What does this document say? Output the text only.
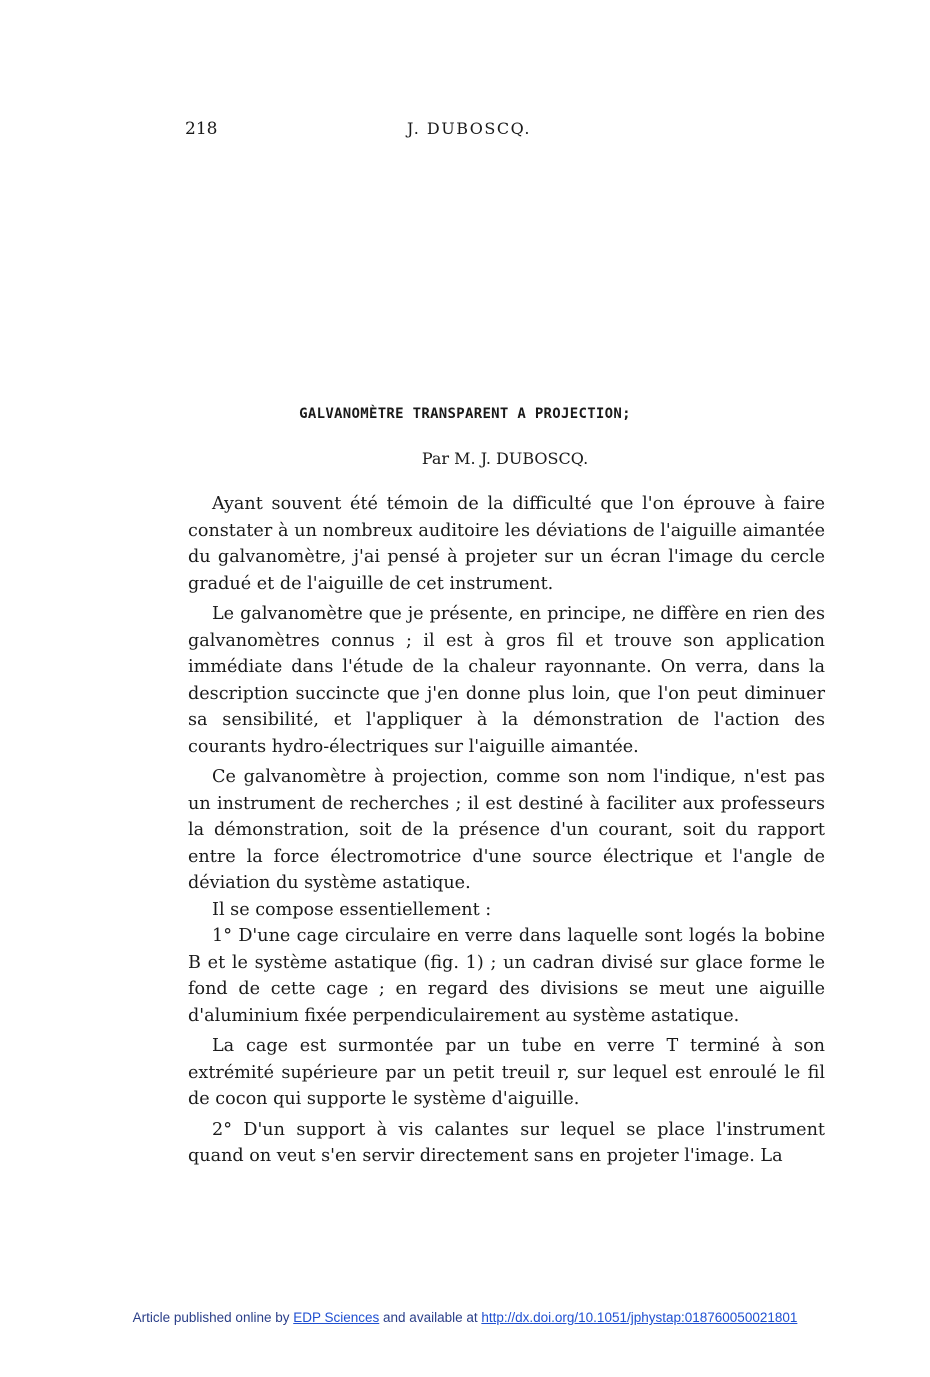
218	J. DUBOSCQ.
GALVANOMÈTRE TRANSPARENT A PROJECTION;
Par M. J. DUBOSCQ.

Ayant souvent été témoin de la difficulté que l'on éprouve à faire constater à un nombreux auditoire les déviations de l'aiguille aimantée du galvanomètre, j'ai pensé à projeter sur un écran l'image du cercle gradué et de l'aiguille de cet instrument.

Le galvanomètre que je présente, en principe, ne diffère en rien des galvanomètres connus ; il est à gros fil et trouve son application immédiate dans l'étude de la chaleur rayonnante. On verra, dans la description succincte que j'en donne plus loin, que l'on peut diminuer sa sensibilité, et l'appliquer à la démonstration de l'action des courants hydro-électriques sur l'aiguille aimantée.

Ce galvanomètre à projection, comme son nom l'indique, n'est pas un instrument de recherches ; il est destiné à faciliter aux professeurs la démonstration, soit de la présence d'un courant, soit du rapport entre la force électromotrice d'une source électrique et l'angle de déviation du système astatique.

Il se compose essentiellement :

1° D'une cage circulaire en verre dans laquelle sont logés la bobine B et le système astatique (fig. 1) ; un cadran divisé sur glace forme le fond de cette cage ; en regard des divisions se meut une aiguille d'aluminium fixée perpendiculairement au système astatique.

La cage est surmontée par un tube en verre T terminé à son extrémité supérieure par un petit treuil r, sur lequel est enroulé le fil de cocon qui supporte le système d'aiguille.

2° D'un support à vis calantes sur lequel se place l'instrument quand on veut s'en servir directement sans en projeter l'image. La

Article published online by EDP Sciences and available at http://dx.doi.org/10.1051/jphystap:018760050021801
